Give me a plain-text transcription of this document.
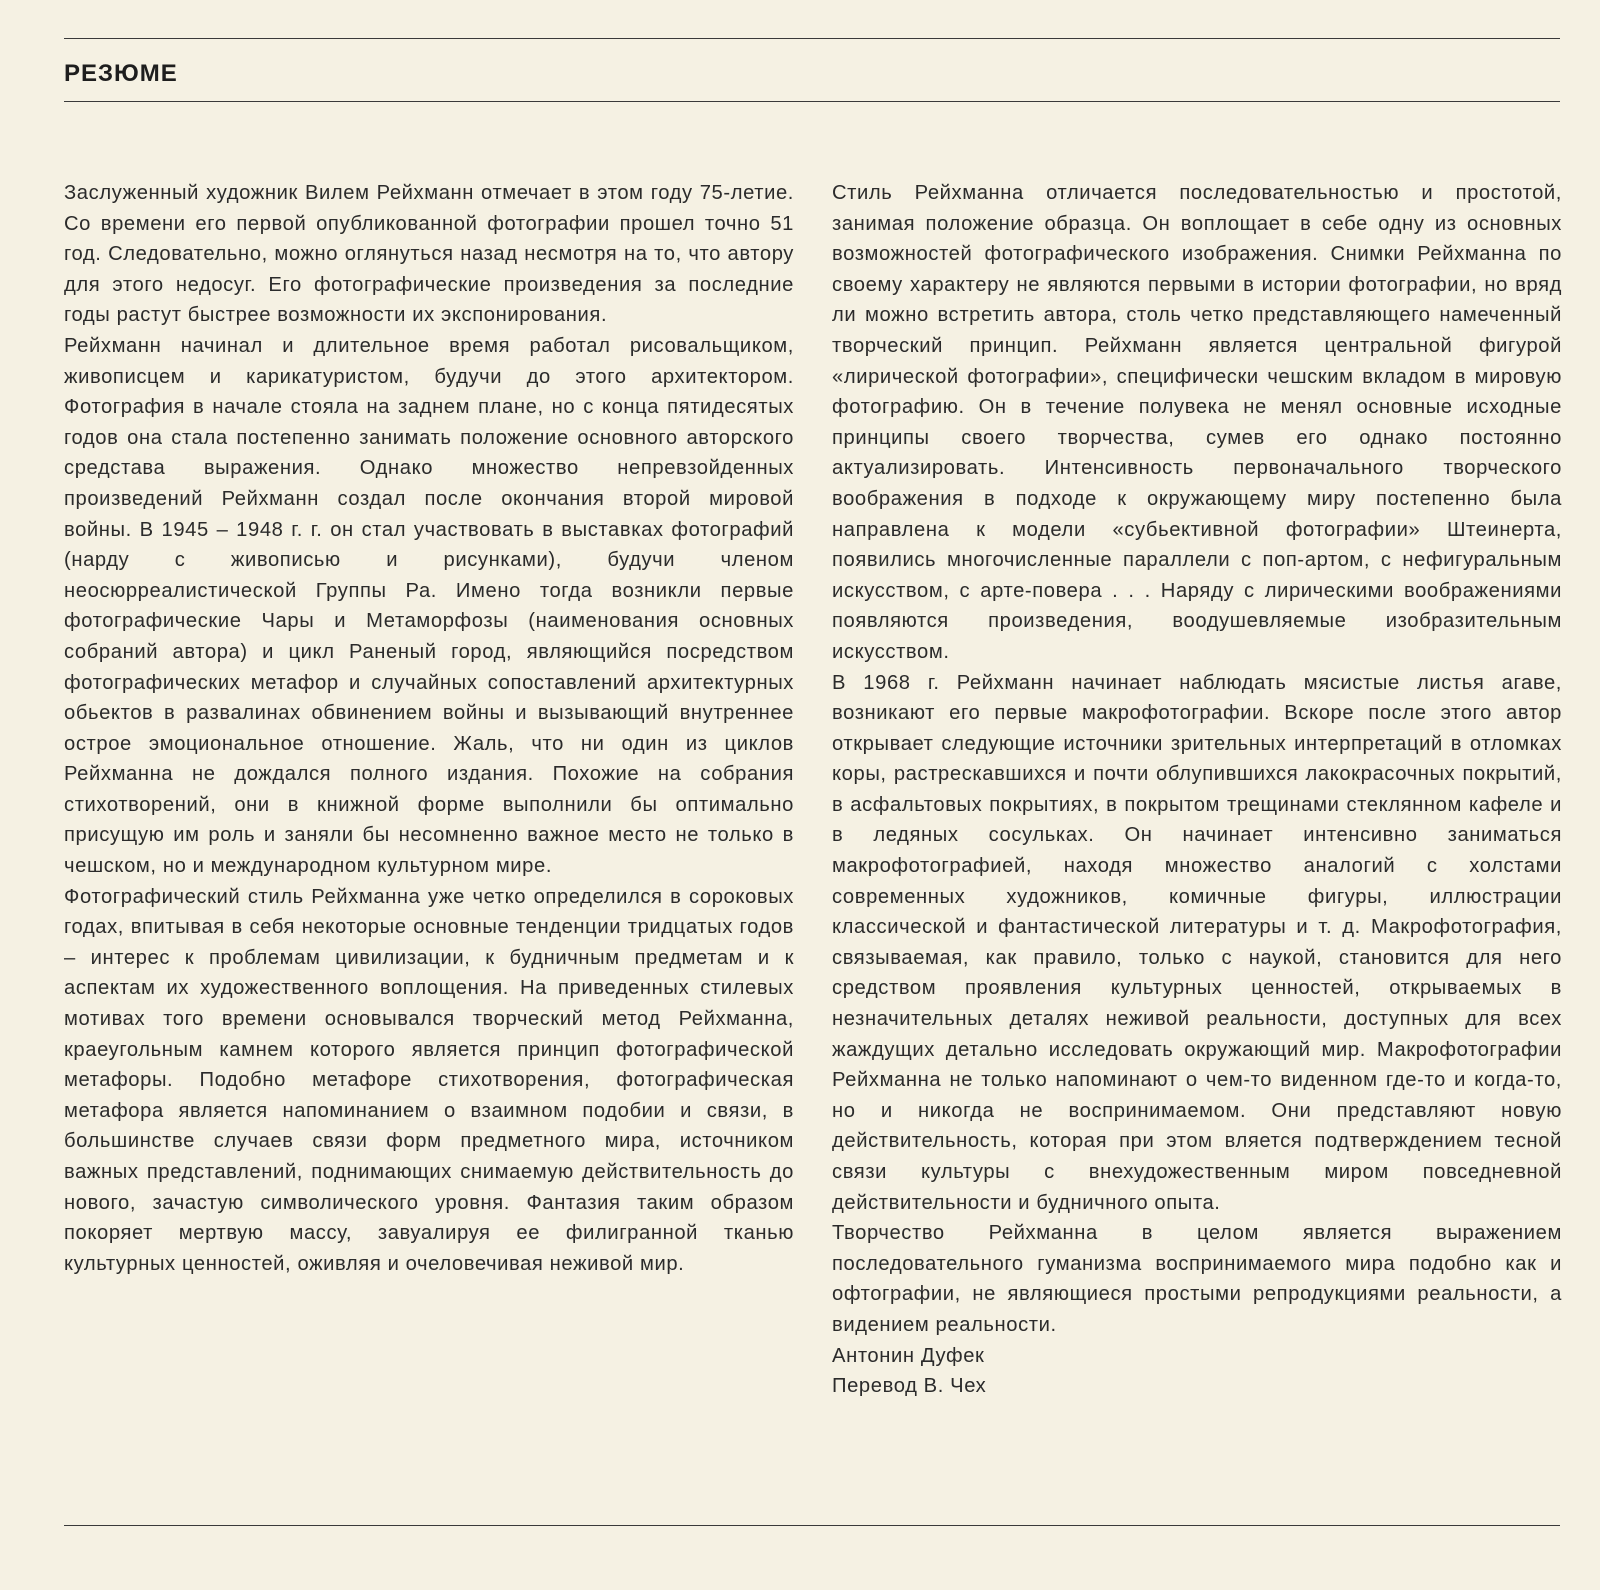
РЕЗЮМЕ

Заслуженный художник Вилем Рейхманн отмечает в этом году 75-летие. Со времени его первой опубликованной фотографии прошел точно 51 год. Следовательно, можно оглянуться назад несмотря на то, что автору для этого недосуг. Его фотографические произведения за последние годы растут быстрее возможности их экспонирования.

Рейхманн начинал и длительное время работал рисовальщиком, живописцем и карикатуристом, будучи до этого архитектором. Фотография в начале стояла на заднем плане, но с конца пятидесятых годов она стала постепенно занимать положение основного авторского средстава выражения. Однако множество непревзойденных произведений Рейхманн создал после окончания второй мировой войны. В 1945 – 1948 г. г. он стал участвовать в выставках фотографий (нарду с живописью и рисунками), будучи членом неосюрреалистической Группы Ра. Имено тогда возникли первые фотографические Чары и Метаморфозы (наименования основных собраний автора) и цикл Раненый город, являющийся посредством фотографических метафор и случайных сопоставлений архитектурных обьектов в развалинах обвинением войны и вызывающий внутреннее острое эмоциональное отношение. Жаль, что ни один из циклов Рейхманна не дождался полного издания. Похожие на собрания стихотворений, они в книжной форме выполнили бы оптимально присущую им роль и заняли бы несомненно важное место не только в чешском, но и международном культурном мире.

Фотографический стиль Рейхманна уже четко определился в сороковых годах, впитывая в себя некоторые основные тенденции тридцатых годов – интерес к проблемам цивилизации, к будничным предметам и к аспектам их художественного воплощения. На приведенных стилевых мотивах того времени основывался творческий метод Рейхманна, краеугольным камнем которого является принцип фотографической метафоры. Подобно метафоре стихотворения, фотографическая метафора является напоминанием о взаимном подобии и связи, в большинстве случаев связи форм предметного мира, источником важных представлений, поднимающих снимаемую действительность до нового, зачастую символического уровня. Фантазия таким образом покоряет мертвую массу, завуалируя ее филигранной тканью культурных ценностей, оживляя и очеловечивая неживой мир.

Стиль Рейхманна отличается последовательностью и простотой, занимая положение образца. Он воплощает в себе одну из основных возможностей фотографического изображения. Снимки Рейхманна по своему характеру не являются первыми в истории фотографии, но вряд ли можно встретить автора, столь четко представляющего намеченный творческий принцип. Рейхманн является центральной фигурой «лирической фотографии», специфически чешским вкладом в мировую фотографию. Он в течение полувека не менял основные исходные принципы своего творчества, сумев его однако постоянно актуализировать. Интенсивность первоначального творческого воображения в подходе к окружающему миру постепенно была направлена к модели «субьективной фотографии» Штеинерта, появились многочисленные параллели с поп-артом, с нефигуральным искусством, с арте-повера . . . Наряду с лирическими воображениями появляются произведения, воодушевляемые изобразительным искусством.

В 1968 г. Рейхманн начинает наблюдать мясистые листья агаве, возникают его первые макрофотографии. Вскоре после этого автор открывает следующие источники зрительных интерпретаций в отломках коры, растрескавшихся и почти облупившихся лакокрасочных покрытий, в асфальтовых покрытиях, в покрытом трещинами стеклянном кафеле и в ледяных сосульках. Он начинает интенсивно заниматься макрофотографией, находя множество аналогий с холстами современных художников, комичные фигуры, иллюстрации классической и фантастической литературы и т. д. Макрофотография, связываемая, как правило, только с наукой, становится для него средством проявления культурных ценностей, открываемых в незначительных деталях неживой реальности, доступных для всех жаждущих детально исследовать окружающий мир. Макрофотографии Рейхманна не только напоминают о чем-то виденном где-то и когда-то, но и никогда не воспринимаемом. Они представляют новую действительность, которая при этом вляется подтверждением тесной связи культуры с внехудожественным миром повседневной действительности и будничного опыта.

Творчество Рейхманна в целом является выражением последовательного гуманизма воспринимаемого мира подобно как и офтографии, не являющиеся простыми репродукциями реальности, а видением реальности.

Антонин Дуфек

Перевод В. Чех
